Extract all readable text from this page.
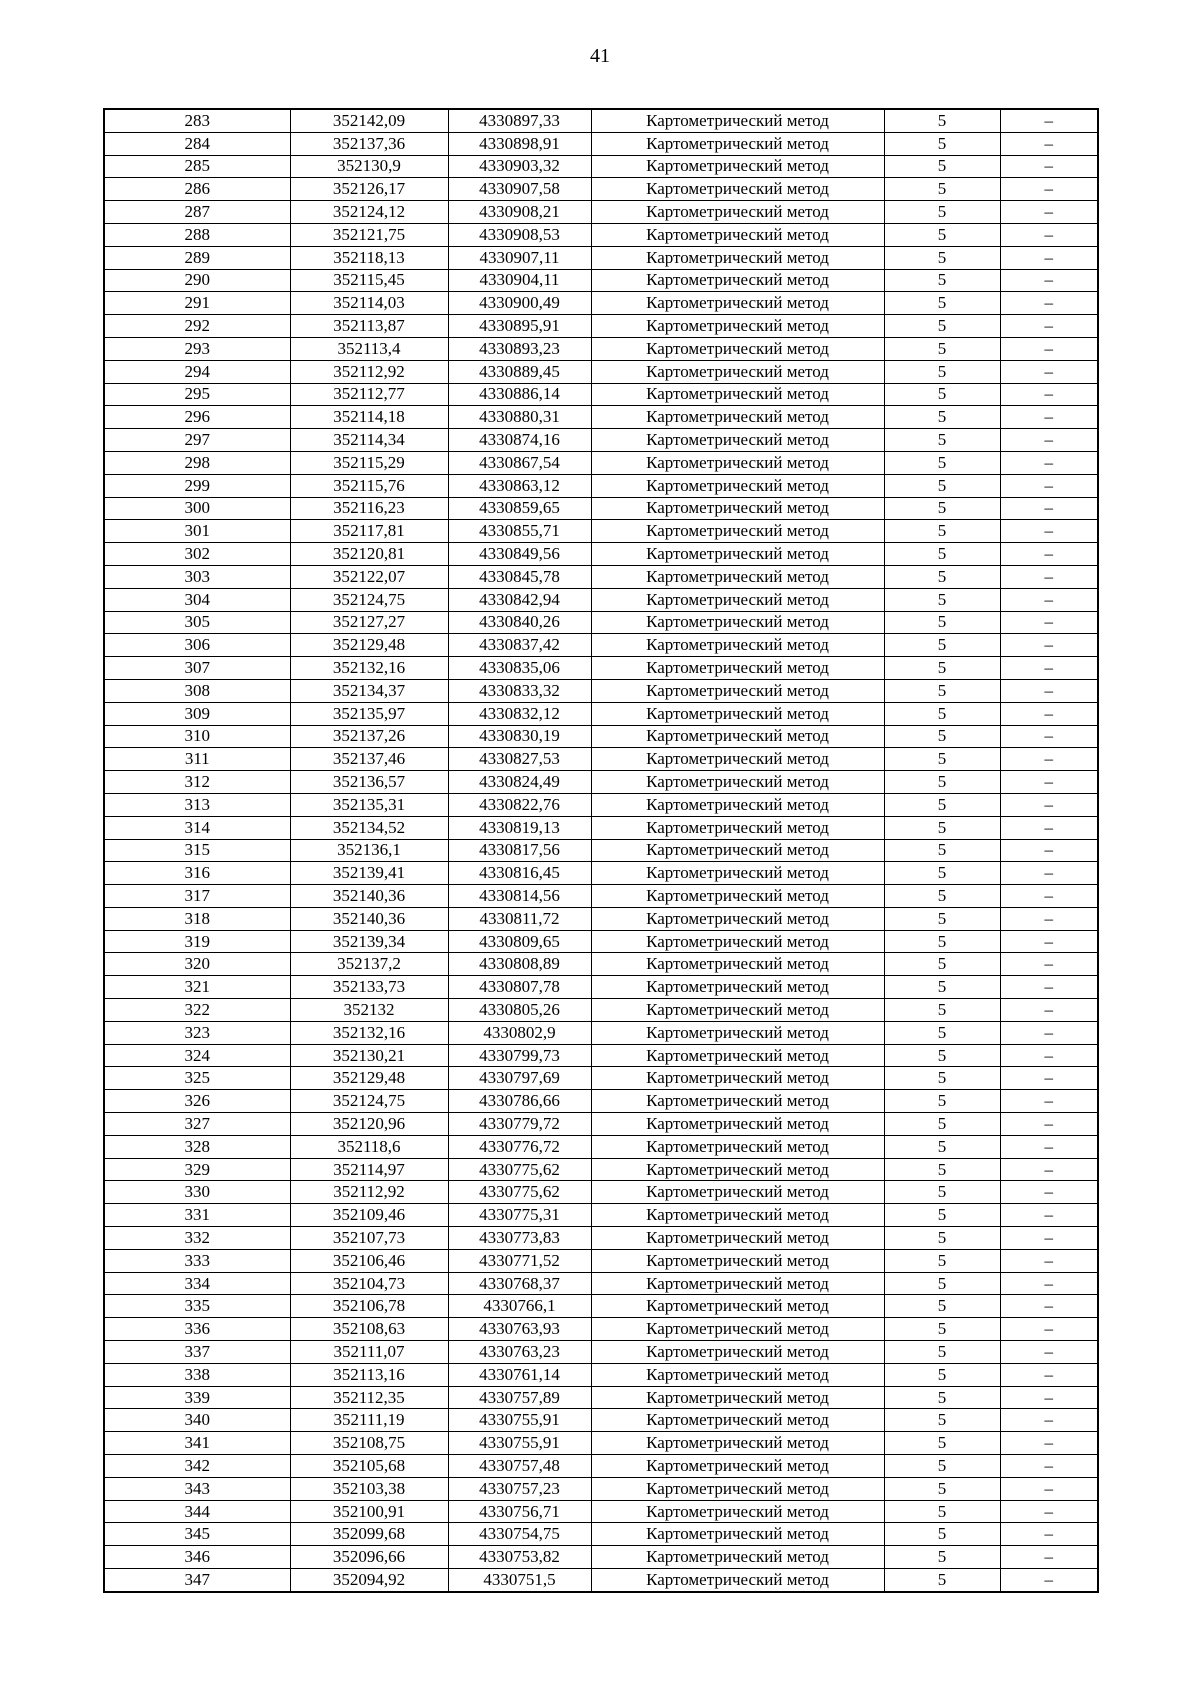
41
283	352142,09	4330897,33	Картометрический метод	5	–
284	352137,36	4330898,91	Картометрический метод	5	–
285	352130,9	4330903,32	Картометрический метод	5	–
286	352126,17	4330907,58	Картометрический метод	5	–
287	352124,12	4330908,21	Картометрический метод	5	–
288	352121,75	4330908,53	Картометрический метод	5	–
289	352118,13	4330907,11	Картометрический метод	5	–
290	352115,45	4330904,11	Картометрический метод	5	–
291	352114,03	4330900,49	Картометрический метод	5	–
292	352113,87	4330895,91	Картометрический метод	5	–
293	352113,4	4330893,23	Картометрический метод	5	–
294	352112,92	4330889,45	Картометрический метод	5	–
295	352112,77	4330886,14	Картометрический метод	5	–
296	352114,18	4330880,31	Картометрический метод	5	–
297	352114,34	4330874,16	Картометрический метод	5	–
298	352115,29	4330867,54	Картометрический метод	5	–
299	352115,76	4330863,12	Картометрический метод	5	–
300	352116,23	4330859,65	Картометрический метод	5	–
301	352117,81	4330855,71	Картометрический метод	5	–
302	352120,81	4330849,56	Картометрический метод	5	–
303	352122,07	4330845,78	Картометрический метод	5	–
304	352124,75	4330842,94	Картометрический метод	5	–
305	352127,27	4330840,26	Картометрический метод	5	–
306	352129,48	4330837,42	Картометрический метод	5	–
307	352132,16	4330835,06	Картометрический метод	5	–
308	352134,37	4330833,32	Картометрический метод	5	–
309	352135,97	4330832,12	Картометрический метод	5	–
310	352137,26	4330830,19	Картометрический метод	5	–
311	352137,46	4330827,53	Картометрический метод	5	–
312	352136,57	4330824,49	Картометрический метод	5	–
313	352135,31	4330822,76	Картометрический метод	5	–
314	352134,52	4330819,13	Картометрический метод	5	–
315	352136,1	4330817,56	Картометрический метод	5	–
316	352139,41	4330816,45	Картометрический метод	5	–
317	352140,36	4330814,56	Картометрический метод	5	–
318	352140,36	4330811,72	Картометрический метод	5	–
319	352139,34	4330809,65	Картометрический метод	5	–
320	352137,2	4330808,89	Картометрический метод	5	–
321	352133,73	4330807,78	Картометрический метод	5	–
322	352132	4330805,26	Картометрический метод	5	–
323	352132,16	4330802,9	Картометрический метод	5	–
324	352130,21	4330799,73	Картометрический метод	5	–
325	352129,48	4330797,69	Картометрический метод	5	–
326	352124,75	4330786,66	Картометрический метод	5	–
327	352120,96	4330779,72	Картометрический метод	5	–
328	352118,6	4330776,72	Картометрический метод	5	–
329	352114,97	4330775,62	Картометрический метод	5	–
330	352112,92	4330775,62	Картометрический метод	5	–
331	352109,46	4330775,31	Картометрический метод	5	–
332	352107,73	4330773,83	Картометрический метод	5	–
333	352106,46	4330771,52	Картометрический метод	5	–
334	352104,73	4330768,37	Картометрический метод	5	–
335	352106,78	4330766,1	Картометрический метод	5	–
336	352108,63	4330763,93	Картометрический метод	5	–
337	352111,07	4330763,23	Картометрический метод	5	–
338	352113,16	4330761,14	Картометрический метод	5	–
339	352112,35	4330757,89	Картометрический метод	5	–
340	352111,19	4330755,91	Картометрический метод	5	–
341	352108,75	4330755,91	Картометрический метод	5	–
342	352105,68	4330757,48	Картометрический метод	5	–
343	352103,38	4330757,23	Картометрический метод	5	–
344	352100,91	4330756,71	Картометрический метод	5	–
345	352099,68	4330754,75	Картометрический метод	5	–
346	352096,66	4330753,82	Картометрический метод	5	–
347	352094,92	4330751,5	Картометрический метод	5	–
